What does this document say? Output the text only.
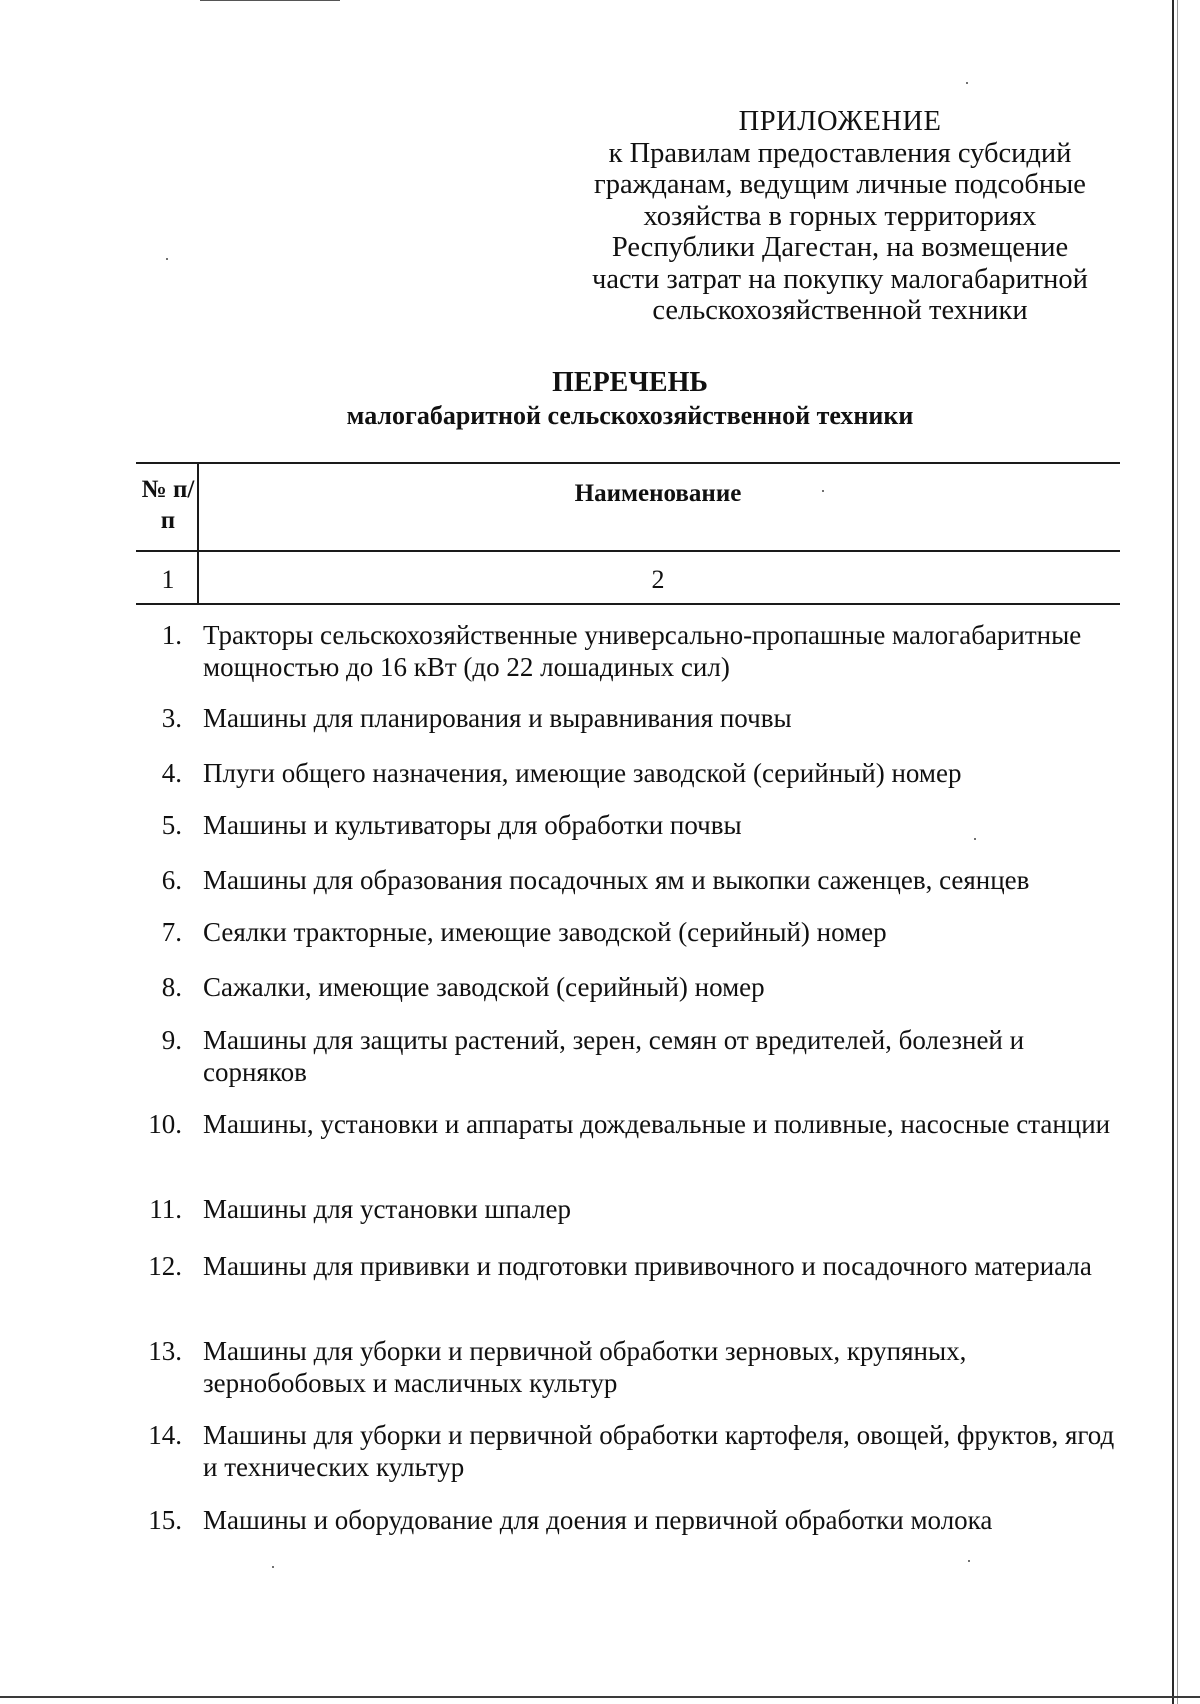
ПРИЛОЖЕНИЕ
к Правилам предоставления субсидий
гражданам, ведущим личные подсобные
хозяйства в горных территориях
Республики Дагестан, на возмещение
части затрат на покупку малогабаритной
сельскохозяйственной техники
ПЕРЕЧЕНЬ
малогабаритной сельскохозяйственной техники
№ п/п
Наименование
1	2
1. Тракторы сельскохозяйственные универсально-пропашные малогабаритные мощностью до 16 кВт (до 22 лошадиных сил)
3. Машины для планирования и выравнивания почвы
4. Плуги общего назначения, имеющие заводской (серийный) номер
5. Машины и культиваторы для обработки почвы
6. Машины для образования посадочных ям и выкопки саженцев, сеянцев
7. Сеялки тракторные, имеющие заводской (серийный) номер
8. Сажалки, имеющие заводской (серийный) номер
9. Машины для защиты растений, зерен, семян от вредителей, болезней и сорняков
10. Машины, установки и аппараты дождевальные и поливные, насосные станции
11. Машины для установки шпалер
12. Машины для прививки и подготовки прививочного и посадочного материала
13. Машины для уборки и первичной обработки зерновых, крупяных, зернобобовых и масличных культур
14. Машины для уборки и первичной обработки картофеля, овощей, фруктов, ягод и технических культур
15. Машины и оборудование для доения и первичной обработки молока
